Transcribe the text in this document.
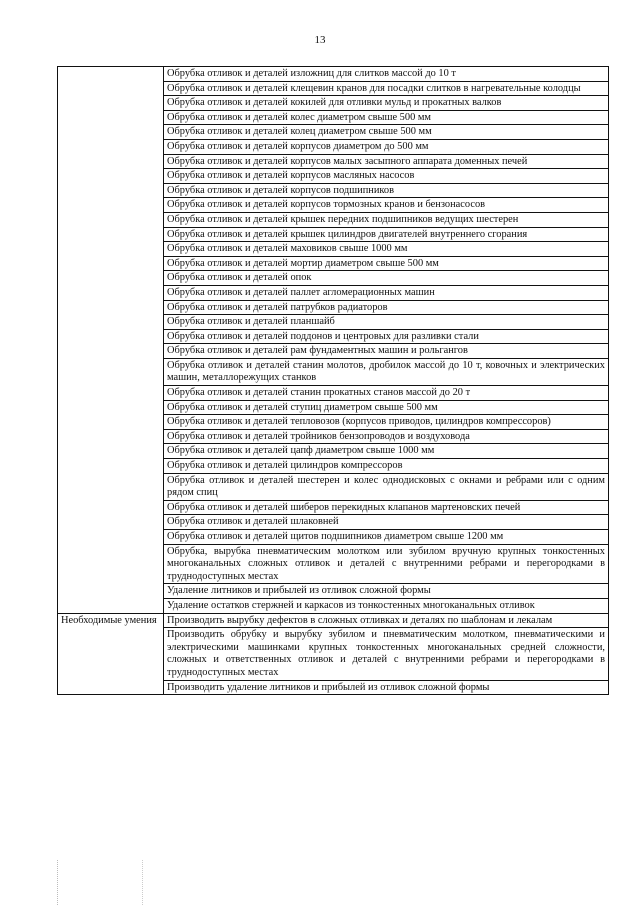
13

	Обрубка отливок и деталей изложниц для слитков массой до 10 т

	Обрубка отливок и деталей клещевин кранов для посадки слитков в нагревательные колодцы

	Обрубка отливок и деталей кокилей для отливки мульд и прокатных валков

	Обрубка отливок и деталей колес диаметром свыше 500 мм

	Обрубка отливок и деталей колец диаметром свыше 500 мм

	Обрубка отливок и деталей корпусов диаметром до 500 мм

	Обрубка отливок и деталей корпусов малых засыпного аппарата доменных печей

	Обрубка отливок и деталей корпусов масляных насосов

	Обрубка отливок и деталей корпусов подшипников

	Обрубка отливок и деталей корпусов тормозных кранов и бензонасосов

	Обрубка отливок и деталей крышек передних подшипников ведущих шестерен

	Обрубка отливок и деталей крышек цилиндров двигателей внутреннего сгорания

	Обрубка отливок и деталей маховиков свыше 1000 мм

	Обрубка отливок и деталей мортир диаметром свыше 500 мм

	Обрубка отливок и деталей опок

	Обрубка отливок и деталей паллет агломерационных машин

	Обрубка отливок и деталей патрубков радиаторов

	Обрубка отливок и деталей планшайб

	Обрубка отливок и деталей поддонов и центровых для разливки стали

	Обрубка отливок и деталей рам фундаментных машин и рольгангов

	Обрубка отливок и деталей станин молотов, дробилок массой до 10 т, ковочных и электрических машин, металлорежущих станков

	Обрубка отливок и деталей станин прокатных станов массой до 20 т

	Обрубка отливок и деталей ступиц диаметром свыше 500 мм

	Обрубка отливок и деталей тепловозов (корпусов приводов, цилиндров компрессоров)

	Обрубка отливок и деталей тройников бензопроводов и воздуховода

	Обрубка отливок и деталей цапф диаметром свыше 1000 мм

	Обрубка отливок и деталей цилиндров компрессоров

	Обрубка отливок и деталей шестерен и колес однодисковых с окнами и ребрами или с одним рядом спиц

	Обрубка отливок и деталей шиберов перекидных клапанов мартеновских печей

	Обрубка отливок и деталей шлаковней

	Обрубка отливок и деталей щитов подшипников диаметром свыше 1200 мм

	Обрубка, вырубка пневматическим молотком или зубилом вручную крупных тонкостенных многоканальных сложных отливок и деталей с внутренними ребрами и перегородками в труднодоступных местах

	Удаление литников и прибылей из отливок сложной формы

	Удаление остатков стержней и каркасов из тонкостенных многоканальных отливок

Необходимые умения	Производить вырубку дефектов в сложных отливках и деталях по шаблонам и лекалам

	Производить обрубку и вырубку зубилом и пневматическим молотком, пневматическими и электрическими машинками крупных тонкостенных многоканальных средней сложности, сложных и ответственных отливок и деталей с внутренними ребрами и перегородками в труднодоступных местах

	Производить удаление литников и прибылей из отливок сложной формы
